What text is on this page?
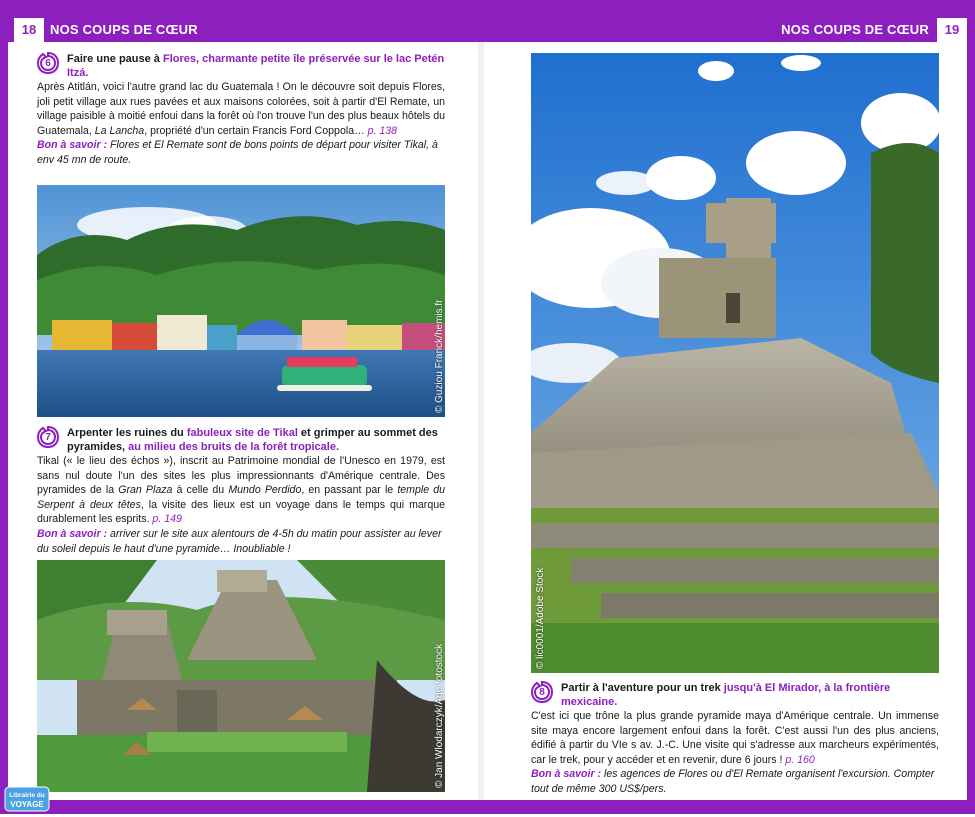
18	NOS COUPS DE CŒUR	NOS COUPS DE CŒUR	19
6	Faire une pause à Flores, charmante petite île préservée sur le lac Petén Itzá.
Après Atitlán, voici l'autre grand lac du Guatemala ! On le découvre soit depuis Flores, joli petit village aux rues pavées et aux maisons colorées, soit à partir d'El Remate, un village paisible à moitié enfoui dans la forêt où l'on trouve l'un des plus beaux hôtels du Guatemala, La Lancha, propriété d'un certain Francis Ford Coppola… p. 138
Bon à savoir : Flores et El Remate sont de bons points de départ pour visiter Tikal, à env 45 mn de route.
© Guziou Franck/hemis.fr
7	Arpenter les ruines du fabuleux site de Tikal et grimper au sommet des pyramides, au milieu des bruits de la forêt tropicale.
Tikal (« le lieu des échos »), inscrit au Patrimoine mondial de l'Unesco en 1979, est sans nul doute l'un des sites les plus impressionnants d'Amérique centrale. Des pyramides de la Gran Plaza à celle du Mundo Perdido, en passant par le temple du Serpent à deux têtes, la visite des lieux est un voyage dans le temps qui marque durablement les esprits. p. 149
Bon à savoir : arriver sur le site aux alentours de 4-5h du matin pour assister au lever du soleil depuis le haut d'une pyramide… Inoubliable !
© Jan Wlodarczyk/Age fotostock
© lic0001/Adobe Stock
8	Partir à l'aventure pour un trek jusqu'à El Mirador, à la frontière mexicaine.
C'est ici que trône la plus grande pyramide maya d'Amérique centrale. Un immense site maya encore largement enfoui dans la forêt. C'est aussi l'un des plus anciens, édifié à partir du VIe s av. J.-C. Une visite qui s'adresse aux marcheurs expérimentés, car le trek, pour y accéder et en revenir, dure 6 jours ! p. 160
Bon à savoir : les agences de Flores ou d'El Remate organisent l'excursion. Compter tout de même 300 US$/pers.
Librairie du
VOYAGE
